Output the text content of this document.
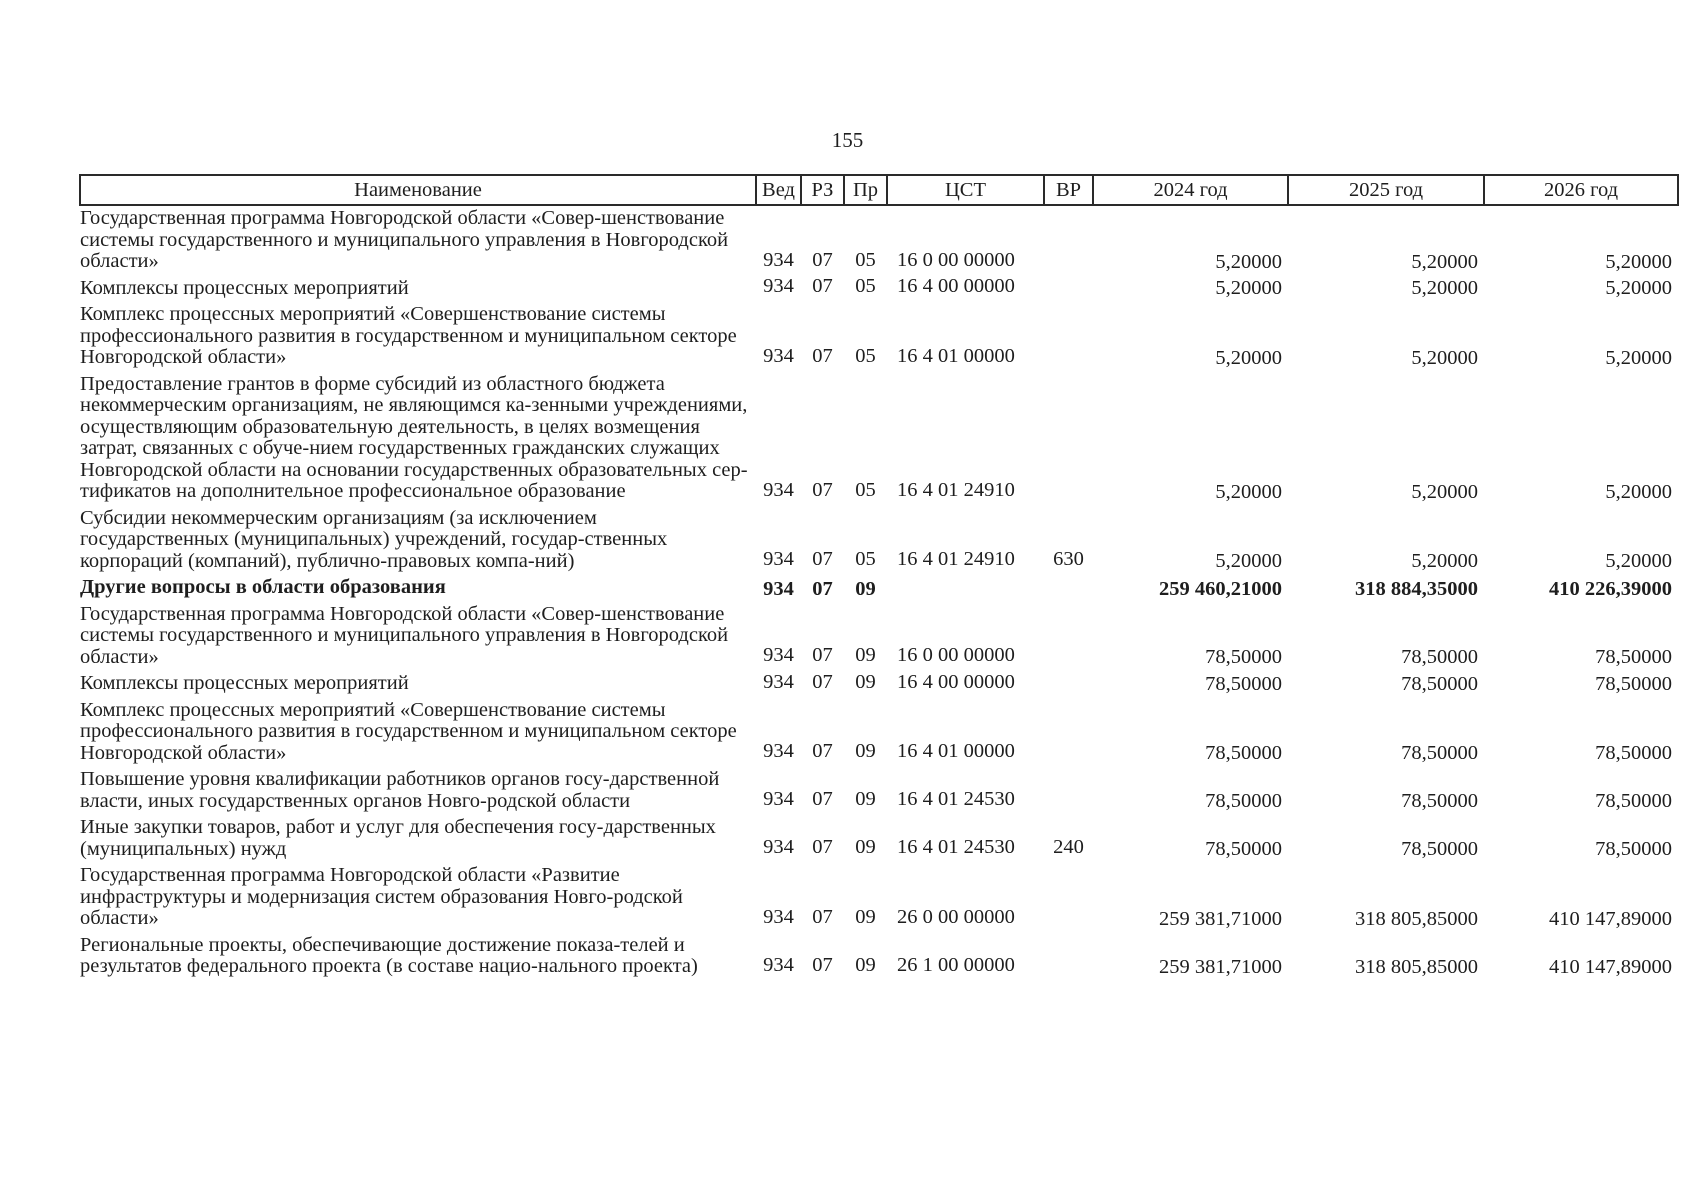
155
Наименование	Вед	РЗ	Пр	ЦСТ	ВР	2024 год	2025 год	2026 год
Государственная программа Новгородской области «Совер-шенствование системы государственного и муниципального управления в Новгородской области»	934	07	05	16 0 00 00000		5,20000	5,20000	5,20000
Комплексы процессных мероприятий	934	07	05	16 4 00 00000		5,20000	5,20000	5,20000
Комплекс процессных мероприятий «Совершенствование системы профессионального развития в государственном и муниципальном секторе Новгородской области»	934	07	05	16 4 01 00000		5,20000	5,20000	5,20000
Предоставление грантов в форме субсидий из областного бюджета некоммерческим организациям, не являющимся ка-зенными учреждениями, осуществляющим образовательную деятельность, в целях возмещения затрат, связанных с обуче-нием государственных гражданских служащих Новгородской области на основании государственных образовательных сер-тификатов на дополнительное профессиональное образование	934	07	05	16 4 01 24910		5,20000	5,20000	5,20000
Субсидии некоммерческим организациям (за исключением государственных (муниципальных) учреждений, государ-ственных корпораций (компаний), публично-правовых компа-ний)	934	07	05	16 4 01 24910	630	5,20000	5,20000	5,20000
Другие вопросы в области образования	934	07	09			259 460,21000	318 884,35000	410 226,39000
Государственная программа Новгородской области «Совер-шенствование системы государственного и муниципального управления в Новгородской области»	934	07	09	16 0 00 00000		78,50000	78,50000	78,50000
Комплексы процессных мероприятий	934	07	09	16 4 00 00000		78,50000	78,50000	78,50000
Комплекс процессных мероприятий «Совершенствование системы профессионального развития в государственном и муниципальном секторе Новгородской области»	934	07	09	16 4 01 00000		78,50000	78,50000	78,50000
Повышение уровня квалификации работников органов госу-дарственной власти, иных государственных органов Новго-родской области	934	07	09	16 4 01 24530		78,50000	78,50000	78,50000
Иные закупки товаров, работ и услуг для обеспечения госу-дарственных (муниципальных) нужд	934	07	09	16 4 01 24530	240	78,50000	78,50000	78,50000
Государственная программа Новгородской области «Развитие инфраструктуры и модернизация систем образования Новго-родской области»	934	07	09	26 0 00 00000		259 381,71000	318 805,85000	410 147,89000
Региональные проекты, обеспечивающие достижение показа-телей и результатов федерального проекта (в составе нацио-нального проекта)	934	07	09	26 1 00 00000		259 381,71000	318 805,85000	410 147,89000
